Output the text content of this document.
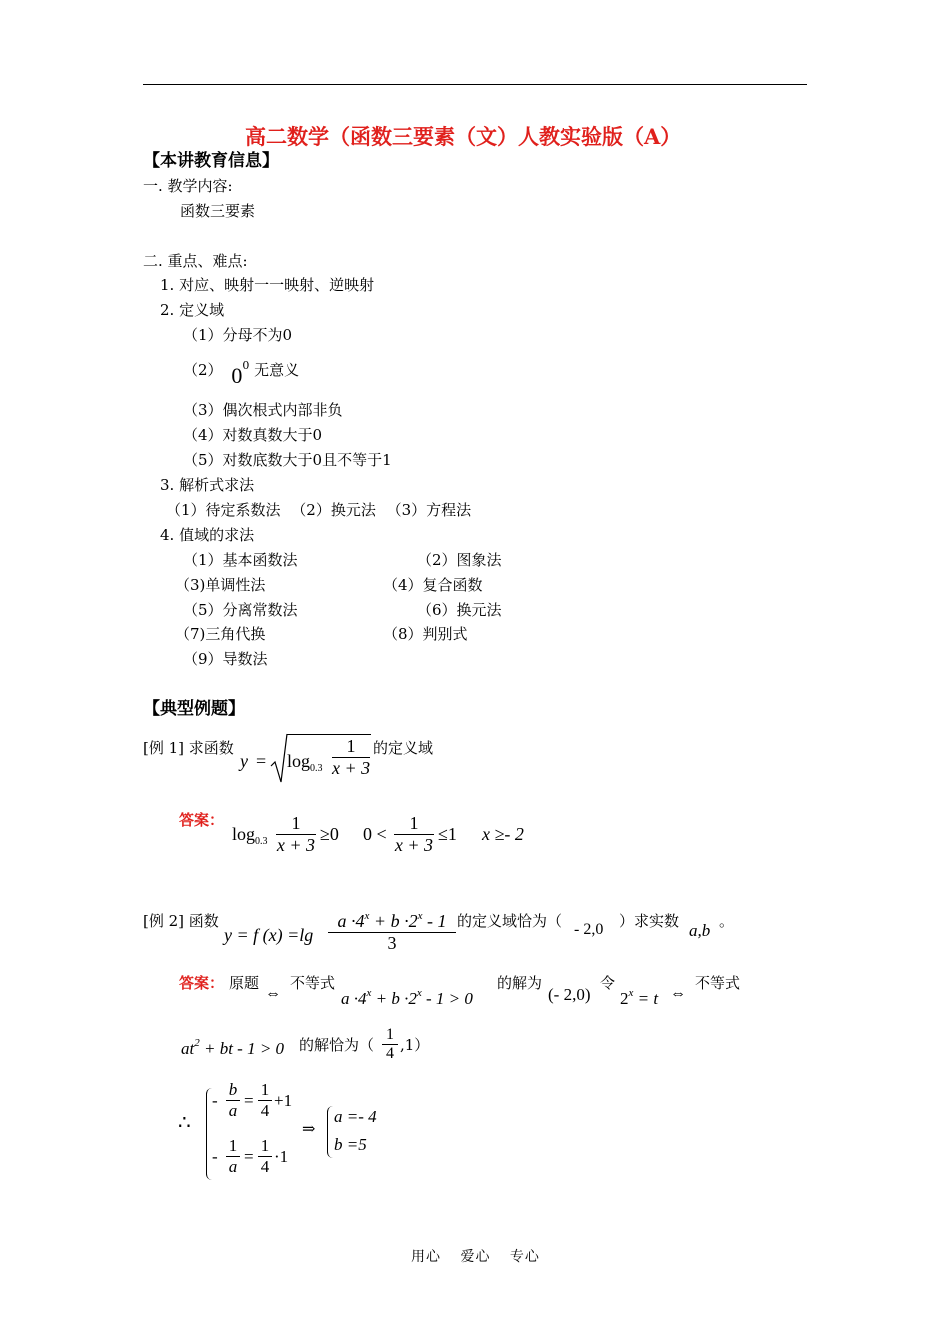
高二数学（函数三要素（文）人教实验版（A）
【本讲教育信息】
一. 教学内容:
函数三要素
二. 重点、难点:
1. 对应、映射一一映射、逆映射
2. 定义域
（1）分母不为0
（2） $0^0$ 无意义
（3）偶次根式内部非负
（4）对数真数大于0
（5）对数底数大于0且不等于1
3. 解析式求法
（1）待定系数法 （2）换元法 （3）方程法
4. 值域的求法
（1）基本函数法	（2）图象法
（3)单调性法	（4）复合函数
（5）分离常数法	（6）换元法
（7)三角代换	（8）判别式
（9）导数法
【典型例题】
[例 1] 求函数
$y = \log_{0.3} \frac{1}{x + 3}$ 的定义域
答案：
$\log_{0.3} \frac{1}{x + 3} \ge 0$ $0 < \frac{1}{x + 3} \le 1$ x ≥- 2
[例 2] 函数
y = f $(x) =\lg \frac{a \cdot 4^x + b \cdot 2^x - 1}{3}$ 的定义域恰为（ - 2,0 ）求实数 a,b 。
答案： 原题
⇔
不等式
$a \cdot 4^x + b \cdot 2^x - 1 > 0$
的解为
(- 2,0)
令
$2^x = t$ ⇔
不等式
$at^2$ + bt - 1 > 0 的解恰为（ $\frac{1}{4} ,1$）
∴
- $\frac{b}{a} = \frac{1}{4} +1$
- $\frac{1}{a} = \frac{1}{4} \cdot 1$
⇒
a =- 4
b =5
用心 爱心 专心
